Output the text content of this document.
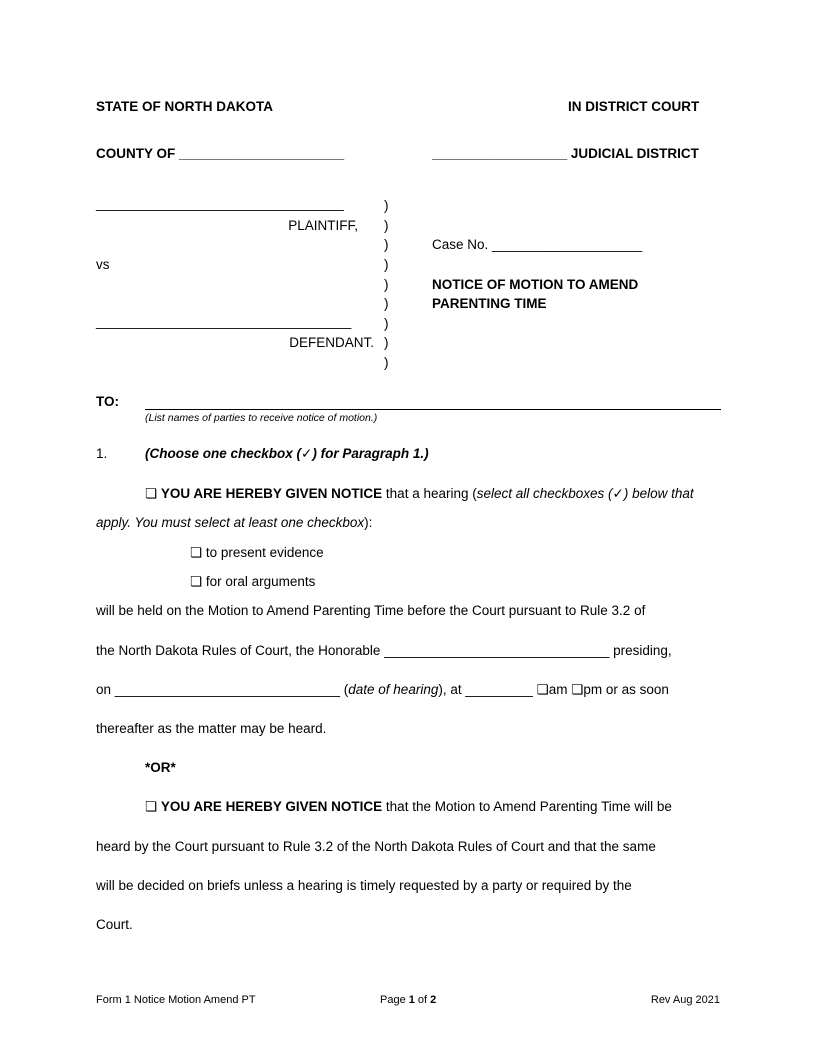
STATE OF NORTH DAKOTA	IN DISTRICT COURT
COUNTY OF ______________________	__________________ JUDICIAL DISTRICT
_________________________________
PLAINTIFF,
vs
__________________________________
DEFENDANT.
)
)
)
)
)
)
)
)
)
Case No. ____________________
NOTICE OF MOTION TO AMEND
PARENTING TIME
TO:
(List names of parties to receive notice of motion.)
1.	(Choose one checkbox (✓) for Paragraph 1.)
❏ YOU ARE HEREBY GIVEN NOTICE that a hearing (select all checkboxes (✓) below that
apply. You must select at least one checkbox):
❏ to present evidence
❏ for oral arguments
will be held on the Motion to Amend Parenting Time before the Court pursuant to Rule 3.2 of
the North Dakota Rules of Court, the Honorable ______________________________ presiding,
on ______________________________ (date of hearing), at _________ ❏am ❏pm or as soon
thereafter as the matter may be heard.
*OR*
❏ YOU ARE HEREBY GIVEN NOTICE that the Motion to Amend Parenting Time will be
heard by the Court pursuant to Rule 3.2 of the North Dakota Rules of Court and that the same
will be decided on briefs unless a hearing is timely requested by a party or required by the
Court.
Form 1 Notice Motion Amend PT	Page 1 of 2	Rev Aug 2021
